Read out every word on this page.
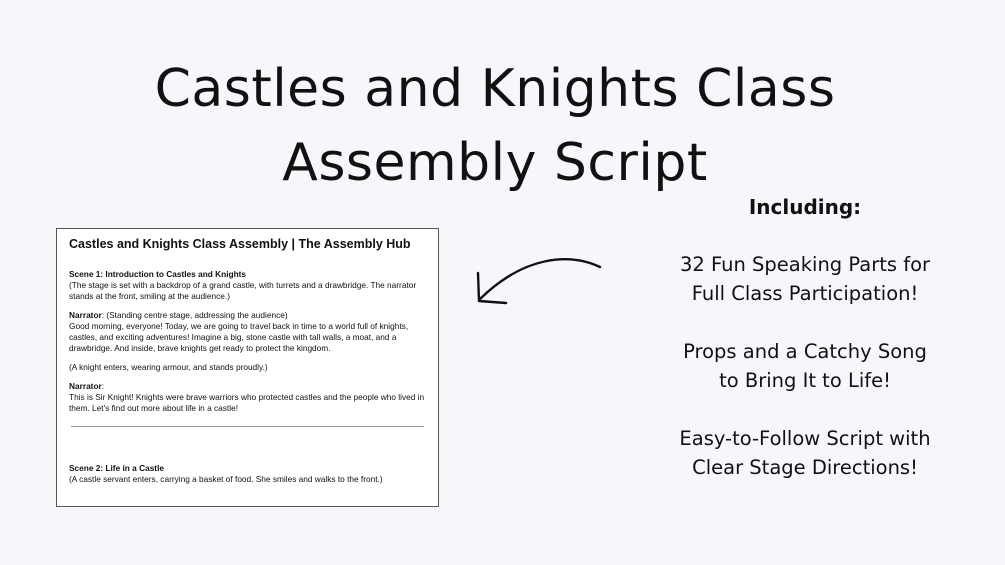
Castles and Knights Class
Assembly Script
Castles and Knights Class Assembly | The Assembly Hub
Scene 1: Introduction to Castles and Knights
(The stage is set with a backdrop of a grand castle, with turrets and a drawbridge. The narrator stands at the front, smiling at the audience.)
Narrator: (Standing centre stage, addressing the audience)
Good morning, everyone! Today, we are going to travel back in time to a world full of knights, castles, and exciting adventures! Imagine a big, stone castle with tall walls, a moat, and a drawbridge. And inside, brave knights get ready to protect the kingdom.
(A knight enters, wearing armour, and stands proudly.)
Narrator:
This is Sir Knight! Knights were brave warriors who protected castles and the people who lived in them. Let's find out more about life in a castle!
Scene 2: Life in a Castle
(A castle servant enters, carrying a basket of food. She smiles and walks to the front.)
Including:
32 Fun Speaking Parts for
Full Class Participation!
Props and a Catchy Song
to Bring It to Life!
Easy-to-Follow Script with
Clear Stage Directions!
